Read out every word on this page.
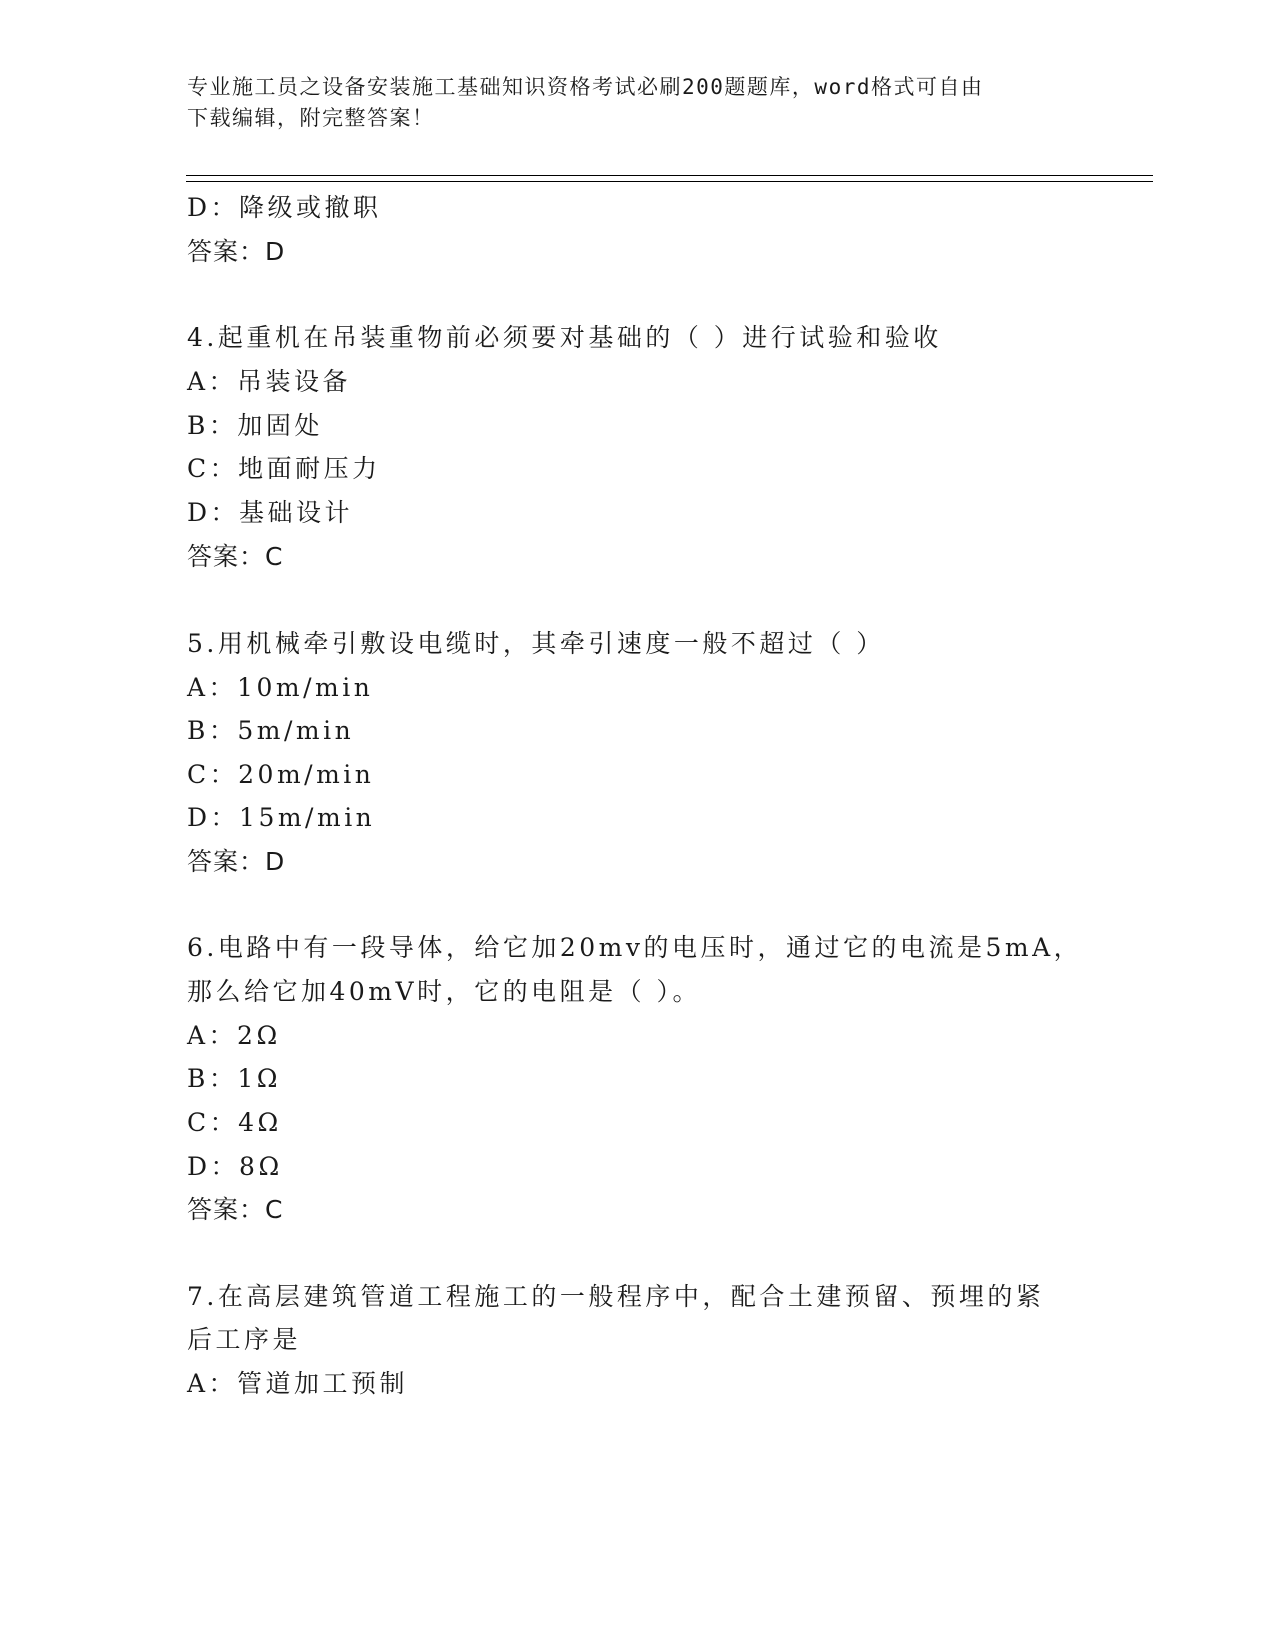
专业施工员之设备安装施工基础知识资格考试必刷200题题库，word格式可自由
下载编辑，附完整答案！
D：降级或撤职
答案：D
4.起重机在吊装重物前必须要对基础的（ ）进行试验和验收
A：吊装设备
B：加固处
C：地面耐压力
D：基础设计
答案：C
5.用机械牵引敷设电缆时，其牵引速度一般不超过（ ）
A：10m/min
B：5m/min
C：20m/min
D：15m/min
答案：D
6.电路中有一段导体，给它加20mv的电压时，通过它的电流是5mA，
那么给它加40mV时，它的电阻是（ ）。
A：2Ω
B：1Ω
C：4Ω
D：8Ω
答案：C
7.在高层建筑管道工程施工的一般程序中，配合土建预留、预埋的紧
后工序是
A：管道加工预制
